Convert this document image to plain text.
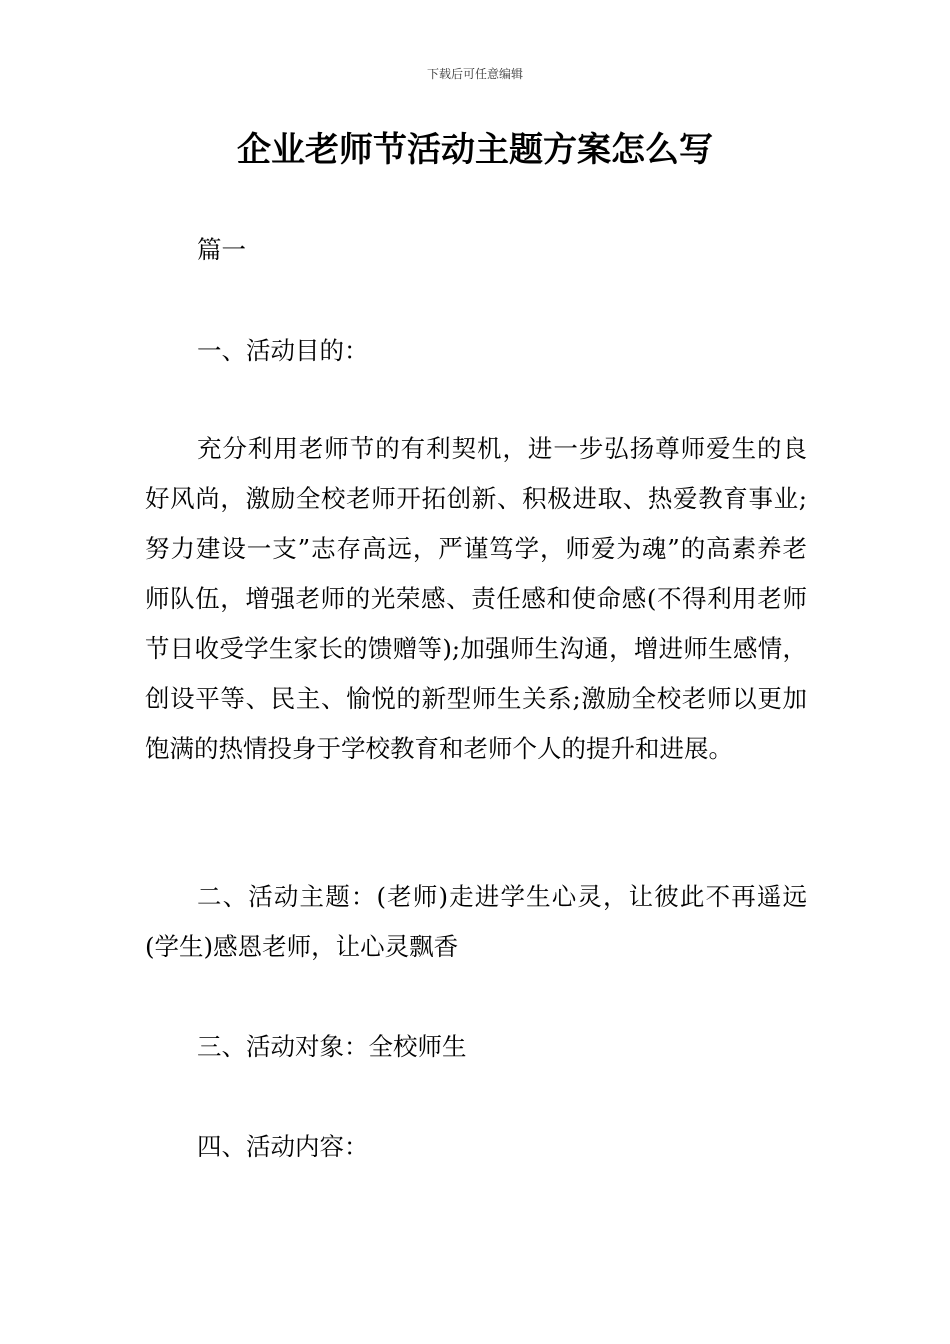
下载后可任意编辑
企业老师节活动主题方案怎么写

篇一

一、活动目的：

充分利用老师节的有利契机，进一步弘扬尊师爱生的良好风尚，激励全校老师开拓创新、积极进取、热爱教育事业;努力建设一支”志存高远，严谨笃学，师爱为魂”的高素养老师队伍，增强老师的光荣感、责任感和使命感(不得利用老师节日收受学生家长的馈赠等);加强师生沟通，增进师生感情，创设平等、民主、愉悦的新型师生关系;激励全校老师以更加饱满的热情投身于学校教育和老师个人的提升和进展。

二、活动主题：(老师)走进学生心灵，让彼此不再遥远(学生)感恩老师，让心灵飘香

三、活动对象：全校师生

四、活动内容：
